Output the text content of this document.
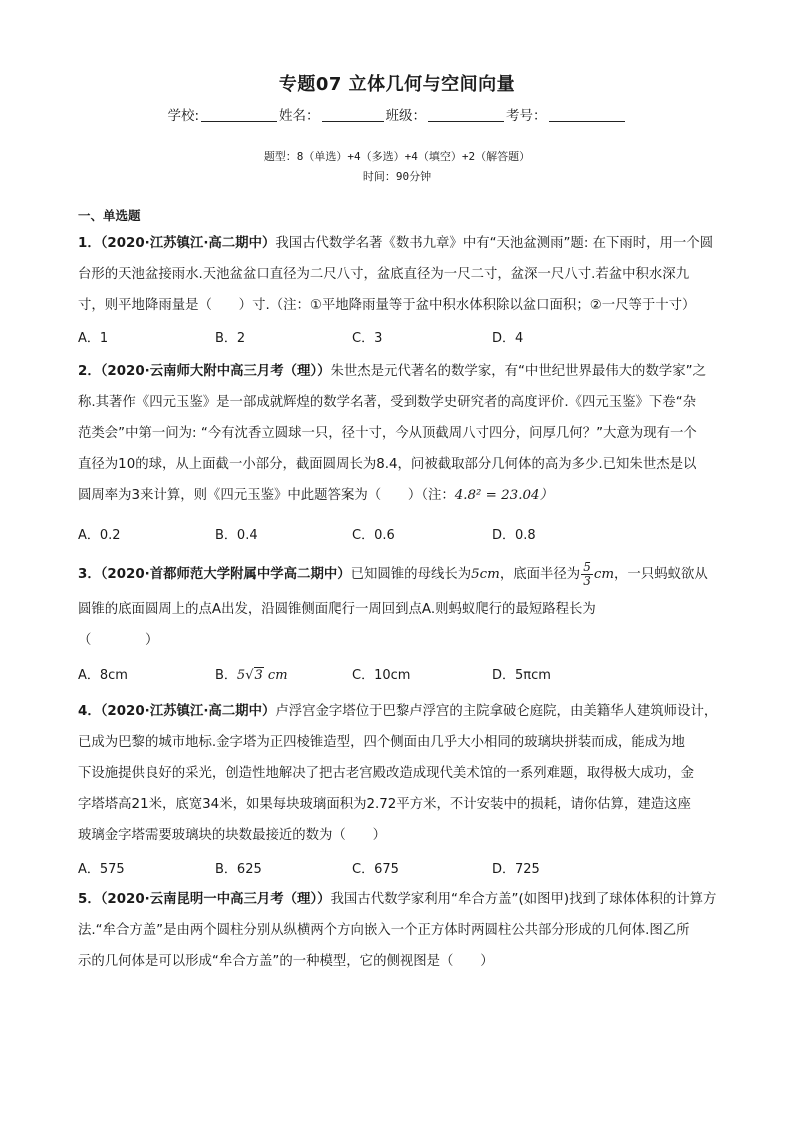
专题07 立体几何与空间向量
学校:	姓名：	班级：	考号：
题型：8（单选）+4（多选）+4（填空）+2（解答题）
时间：90分钟
一、单选题
1．（2020·江苏镇江·高二期中）我国古代数学名著《数书九章》中有“天池盆测雨”题: 在下雨时，用一个圆
台形的天池盆接雨水.天池盆盆口直径为二尺八寸，盆底直径为一尺二寸，盆深一尺八寸.若盆中积水深九
寸，则平地降雨量是（　　）寸.（注：①平地降雨量等于盆中积水体积除以盆口面积；②一尺等于十寸）
A．1	B．2	C．3	D．4
2．（2020·云南师大附中高三月考（理））朱世杰是元代著名的数学家，有“中世纪世界最伟大的数学家”之
称.其著作《四元玉鉴》是一部成就辉煌的数学名著，受到数学史研究者的高度评价.《四元玉鉴》下卷“杂
范类会”中第一问为: “今有沈香立圆球一只，径十寸，今从顶截周八寸四分，问厚几何？”大意为现有一个
直径为10的球，从上面截一小部分，截面圆周长为8.4，问被截取部分几何体的高为多少.已知朱世杰是以
圆周率为3来计算，则《四元玉鉴》中此题答案为（　　）（注：4.8² = 23.04）
A．0.2	B．0.4	C．0.6	D．0.8
3．（2020·首都师范大学附属中学高二期中）已知圆锥的母线长为5cm，底面半径为 $\frac{5}{3}$ cm，一只蚂蚁欲从
圆锥的底面圆周上的点A出发，沿圆锥侧面爬行一周回到点A.则蚂蚁爬行的最短路程长为
（　　　　）
A．8cm	B．5√3 cm	C．10cm	D．5πcm
4．（2020·江苏镇江·高二期中）卢浮宫金字塔位于巴黎卢浮宫的主院拿破仑庭院，由美籍华人建筑师设计，
已成为巴黎的城市地标.金字塔为正四棱锥造型，四个侧面由几乎大小相同的玻璃块拼装而成，能成为地
下设施提供良好的采光，创造性地解决了把古老宫殿改造成现代美术馆的一系列难题，取得极大成功，金
字塔塔高21米，底宽34米，如果每块玻璃面积为2.72平方米，不计安装中的损耗，请你估算，建造这座
玻璃金字塔需要玻璃块的块数最接近的数为（　　）
A．575	B．625	C．675	D．725
5．（2020·云南昆明一中高三月考（理））我国古代数学家利用“牟合方盖”(如图甲)找到了球体体积的计算方
法.“牟合方盖”是由两个圆柱分别从纵横两个方向嵌入一个正方体时两圆柱公共部分形成的几何体.图乙所
示的几何体是可以形成“牟合方盖”的一种模型，它的侧视图是（　　）
